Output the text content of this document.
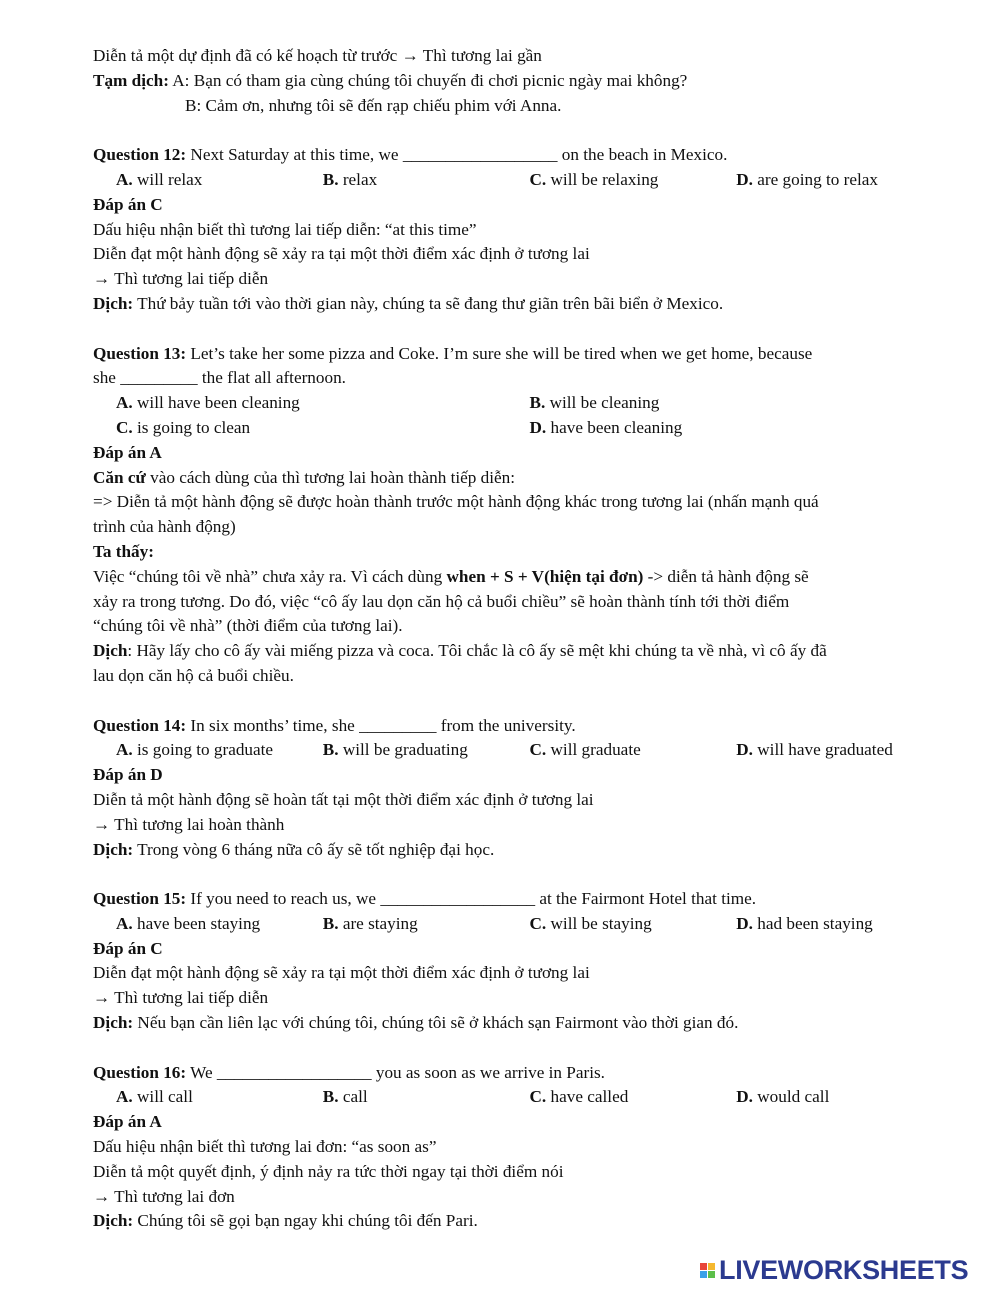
Diễn tả một dự định đã có kế hoạch từ trước → Thì tương lai gần
Tạm dịch: A: Bạn có tham gia cùng chúng tôi chuyến đi chơi picnic ngày mai không?
B: Cảm ơn, nhưng tôi sẽ đến rạp chiếu phim với Anna.
Question 12: Next Saturday at this time, we __________________ on the beach in Mexico.
A. will relax	B. relax	C. will be relaxing	D. are going to relax
Đáp án C
Dấu hiệu nhận biết thì tương lai tiếp diễn: “at this time”
Diễn đạt một hành động sẽ xảy ra tại một thời điểm xác định ở tương lai
→ Thì tương lai tiếp diễn
Dịch: Thứ bảy tuần tới vào thời gian này, chúng ta sẽ đang thư giãn trên bãi biển ở Mexico.
Question 13: Let’s take her some pizza and Coke. I’m sure she will be tired when we get home, because
she _________ the flat all afternoon.
A. will have been cleaning	B. will be cleaning
C. is going to clean	D. have been cleaning
Đáp án A
Căn cứ vào cách dùng của thì tương lai hoàn thành tiếp diễn:
=> Diễn tả một hành động sẽ được hoàn thành trước một hành động khác trong tương lai (nhấn mạnh quá
trình của hành động)
Ta thấy:
Việc “chúng tôi về nhà” chưa xảy ra. Vì cách dùng when + S + V(hiện tại đơn) -> diễn tả hành động sẽ
xảy ra trong tương. Do đó, việc “cô ấy lau dọn căn hộ cả buổi chiều” sẽ hoàn thành tính tới thời điểm
“chúng tôi về nhà” (thời điểm của tương lai).
Dịch: Hãy lấy cho cô ấy vài miếng pizza và coca. Tôi chắc là cô ấy sẽ mệt khi chúng ta về nhà, vì cô ấy đã
lau dọn căn hộ cả buổi chiều.
Question 14: In six months’ time, she _________ from the university.
A. is going to graduate	B. will be graduating	C. will graduate	D. will have graduated
Đáp án D
Diễn tả một hành động sẽ hoàn tất tại một thời điểm xác định ở tương lai
→ Thì tương lai hoàn thành
Dịch: Trong vòng 6 tháng nữa cô ấy sẽ tốt nghiệp đại học.
Question 15: If you need to reach us, we __________________ at the Fairmont Hotel that time.
A. have been staying	B. are staying	C. will be staying	D. had been staying
Đáp án C
Diễn đạt một hành động sẽ xảy ra tại một thời điểm xác định ở tương lai
→ Thì tương lai tiếp diễn
Dịch: Nếu bạn cần liên lạc với chúng tôi, chúng tôi sẽ ở khách sạn Fairmont vào thời gian đó.
Question 16: We __________________ you as soon as we arrive in Paris.
A. will call	B. call	C. have called	D. would call
Đáp án A
Dấu hiệu nhận biết thì tương lai đơn: “as soon as”
Diễn tả một quyết định, ý định nảy ra tức thời ngay tại thời điểm nói
→ Thì tương lai đơn
Dịch: Chúng tôi sẽ gọi bạn ngay khi chúng tôi đến Pari.
LIVEWORKSHEETS
